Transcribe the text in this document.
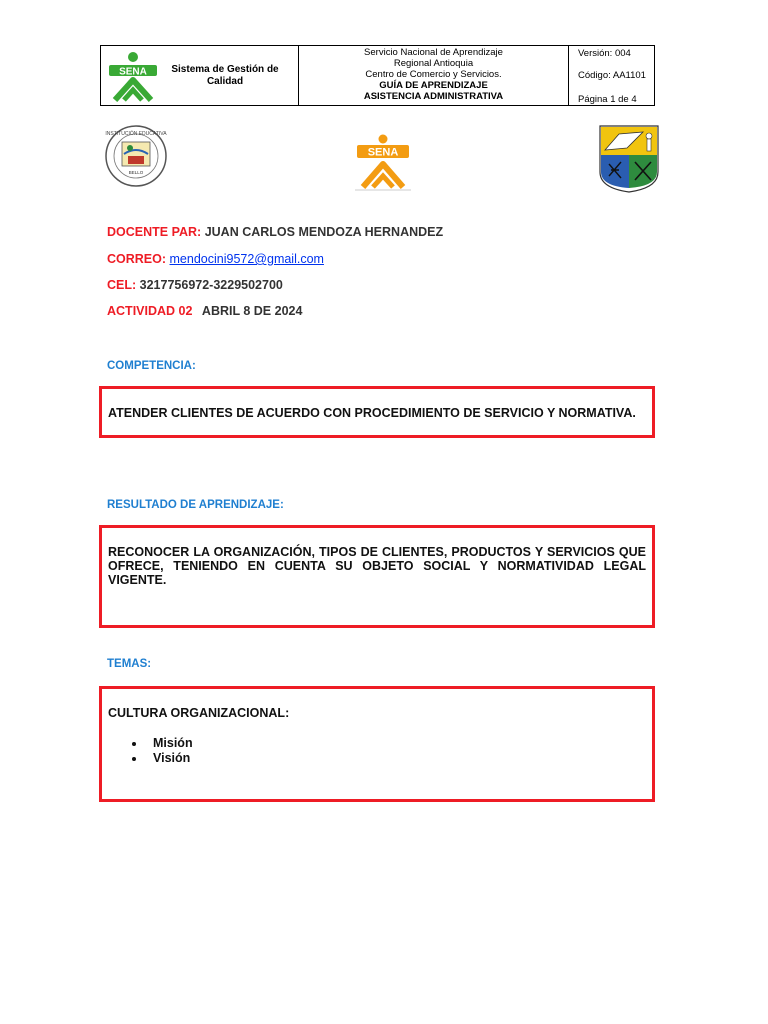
SENA	Sistema de Gestión de Calidad
Servicio Nacional de Aprendizaje
Regional Antioquia
Centro de Comercio y Servicios.
GUÍA DE APRENDIZAJE
ASISTENCIA ADMINISTRATIVA
Versión: 004
Código: AA1101
Página 1 de 4
INSTITUCIÓN EDUCATIVA
BELLO
SENA
DOCENTE PAR: JUAN CARLOS MENDOZA HERNANDEZ
CORREO: mendocini9572@gmail.com
CEL: 3217756972-3229502700
ACTIVIDAD 02 ABRIL 8 DE 2024
COMPETENCIA:
ATENDER CLIENTES DE ACUERDO CON PROCEDIMIENTO DE SERVICIO Y NORMATIVA.
RESULTADO DE APRENDIZAJE:
RECONOCER LA ORGANIZACIÓN, TIPOS DE CLIENTES, PRODUCTOS Y SERVICIOS QUE OFRECE, TENIENDO EN CUENTA SU OBJETO SOCIAL Y NORMATIVIDAD LEGAL VIGENTE.
TEMAS:
CULTURA ORGANIZACIONAL:
Misión
Visión
